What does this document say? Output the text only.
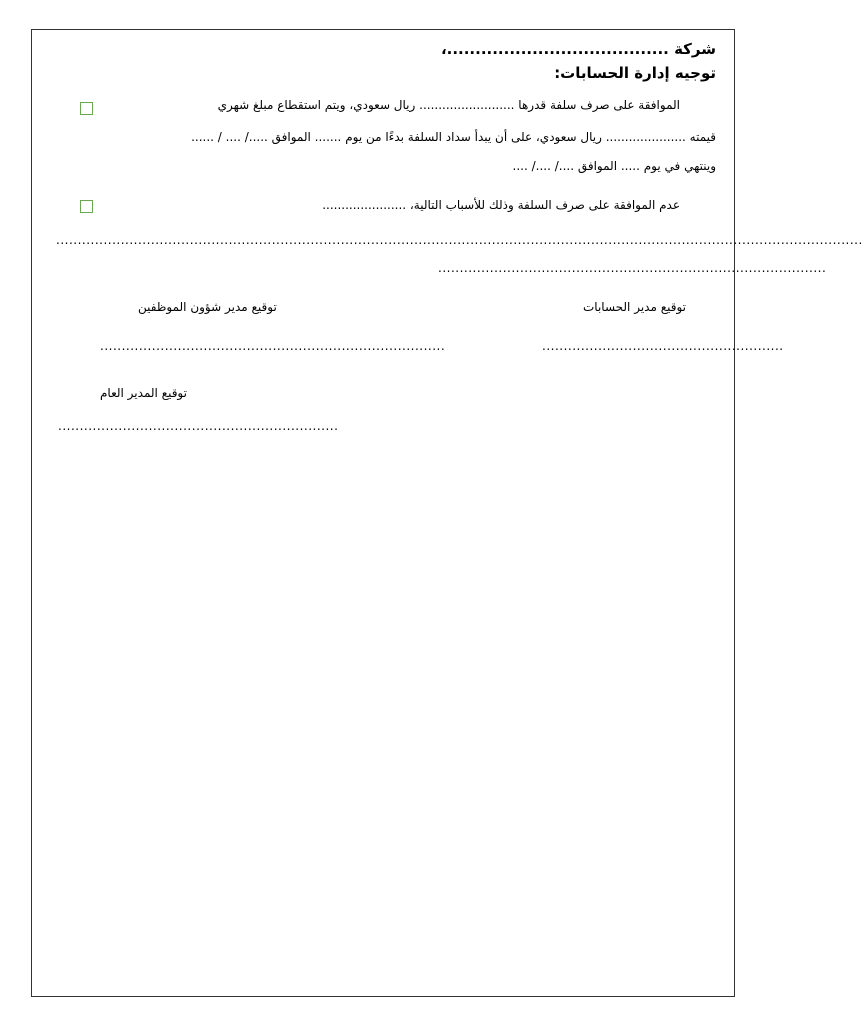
شركة .......................................،
توجيه إدارة الحسابات:
الموافقة على صرف سلفة قدرها ......................... ريال سعودي، ويتم استقطاع مبلغ شهري
قيمته ..................... ريال سعودي، على أن يبدأ سداد السلفة بدءًا من يوم ....... الموافق ...../ .... / ......
وينتهي في يوم ..... الموافق ..../ ..../ ....
عدم الموافقة على صرف السلفة وذلك للأسباب التالية، ......................
...........................................................................................................................................................................................
..........................................................................................
توقيع مدير الحسابات
توقيع مدير شؤون الموظفين
........................................................
................................................................................
توقيع المدير العام
.................................................................
